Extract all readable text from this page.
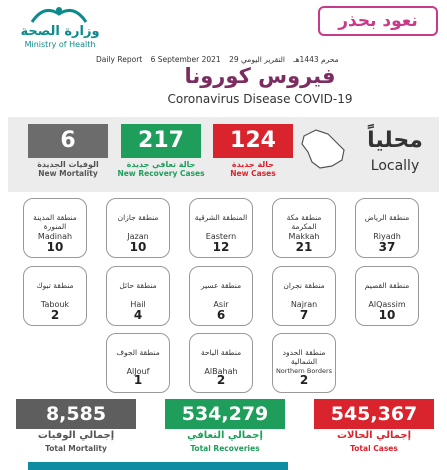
نعود بحذر
وزارة الصحة
Ministry of Health
Daily Report 6 September 2021 29 محرم 1443هـ التقرير اليومي
فيروس كورونا
Coronavirus Disease COVID-19
6
الوفيات الجديدة
New Mortality
217
حالة تعافي جديدة
New Recovery Cases
124
حالة جديدة
New Cases
محلياً
Locally
منطقة الرياض
Riyadh
37
منطقة مكة المكرمة
Makkah
21
المنطقة الشرقية
Eastern
12
منطقة جازان
Jazan
10
منطقة المدينة المنورة
Madinah
10
منطقة القصيم
AlQassim
10
منطقة نجران
Najran
7
منطقة عسير
Asir
6
منطقة حائل
Hail
4
منطقة تبوك
Tabouk
2
منطقة الحدود الشمالية
Northern Borders
2
منطقة الباحة
AlBahah
2
منطقة الجوف
AlJouf
1
8,585
إجمالي الوفيات
Total Mortality
534,279
إجمالي التعافي
Total Recoveries
545,367
إجمالي الحالات
Total Cases
